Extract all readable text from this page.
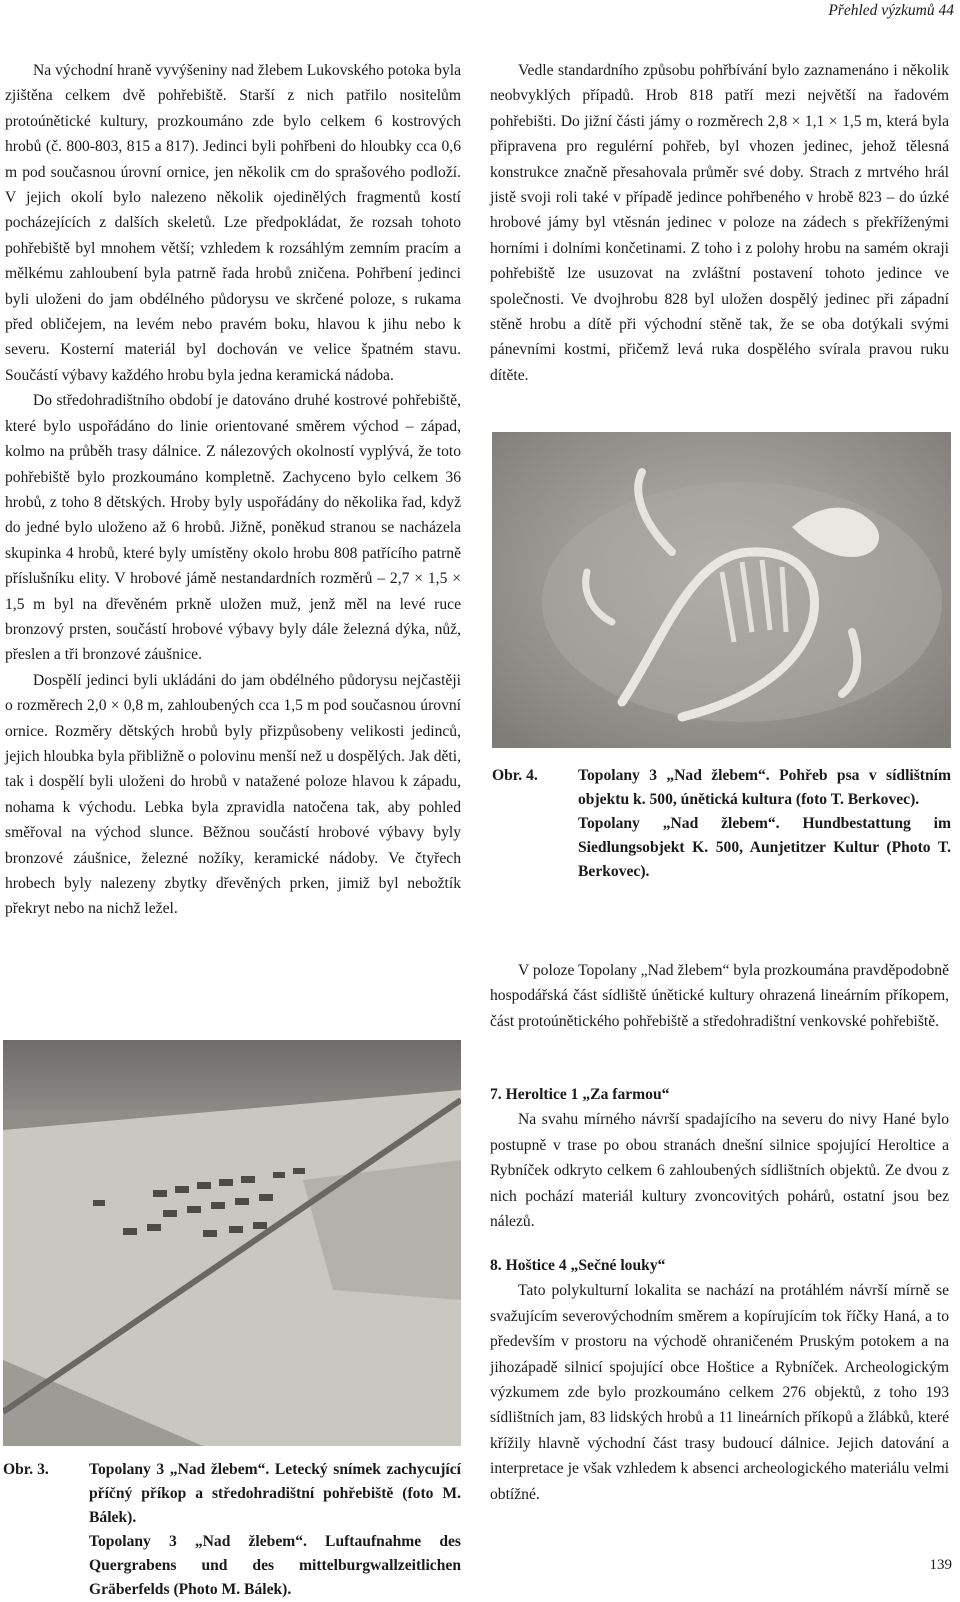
Přehled výzkumů 44

Na východní hraně vyvýšeniny nad žlebem Lukovského potoka byla zjištěna celkem dvě pohřebiště. Starší z nich patřilo nositelům protoúnětické kultury, prozkoumáno zde bylo celkem 6 kostrových hrobů (č. 800-803, 815 a 817). Jedinci byli pohřbeni do hloubky cca 0,6 m pod současnou úrovní ornice, jen několik cm do sprašového podloží. V jejich okolí bylo nalezeno několik ojedinělých fragmentů kostí pocházejících z dalších skeletů. Lze předpokládat, že rozsah tohoto pohřebiště byl mnohem větší; vzhledem k rozsáhlým zemním pracím a mělkému zahloubení byla patrně řada hrobů zničena. Pohřbení jedinci byli uloženi do jam obdélného půdorysu ve skrčené poloze, s rukama před obličejem, na levém nebo pravém boku, hlavou k jihu nebo k severu. Kosterní materiál byl dochován ve velice špatném stavu. Součástí výbavy každého hrobu byla jedna keramická nádoba.

Do středohradištního období je datováno druhé kostrové pohřebiště, které bylo uspořádáno do linie orientované směrem východ – západ, kolmo na průběh trasy dálnice. Z nálezových okolností vyplývá, že toto pohřebiště bylo prozkoumáno kompletně. Zachyceno bylo celkem 36 hrobů, z toho 8 dětských. Hroby byly uspořádány do několika řad, když do jedné bylo uloženo až 6 hrobů. Jižně, poněkud stranou se nacházela skupinka 4 hrobů, které byly umístěny okolo hrobu 808 patřícího patrně příslušníku elity. V hrobové jámě nestandardních rozměrů – 2,7 × 1,5 × 1,5 m byl na dřevěném prkně uložen muž, jenž měl na levé ruce bronzový prsten, součástí hrobové výbavy byly dále železná dýka, nůž, přeslen a tři bronzové záušnice.

Dospělí jedinci byli ukládáni do jam obdélného půdorysu nejčastěji o rozměrech 2,0 × 0,8 m, zahloubených cca 1,5 m pod současnou úrovní ornice. Rozměry dětských hrobů byly přizpůsobeny velikosti jedinců, jejich hloubka byla přibližně o polovinu menší než u dospělých. Jak děti, tak i dospělí byli uloženi do hrobů v natažené poloze hlavou k západu, nohama k východu. Lebka byla zpravidla natočena tak, aby pohled směřoval na východ slunce. Běžnou součástí hrobové výbavy byly bronzové záušnice, železné nožíky, keramické nádoby. Ve čtyřech hrobech byly nalezeny zbytky dřevěných prken, jimiž byl nebožtík překryt nebo na nichž ležel.

Vedle standardního způsobu pohřbívání bylo zaznamenáno i několik neobvyklých případů. Hrob 818 patří mezi největší na řadovém pohřebišti. Do jižní části jámy o rozměrech 2,8 × 1,1 × 1,5 m, která byla připravena pro regulérní pohřeb, byl vhozen jedinec, jehož tělesná konstrukce značně přesahovala průměr své doby. Strach z mrtvého hrál jistě svoji roli také v případě jedince pohřbeného v hrobě 823 – do úzké hrobové jámy byl vtěsnán jedinec v poloze na zádech s překříženými horními i dolními končetinami. Z toho i z polohy hrobu na samém okraji pohřebiště lze usuzovat na zvláštní postavení tohoto jedince ve společnosti. Ve dvojhrobu 828 byl uložen dospělý jedinec při západní stěně hrobu a dítě při východní stěně tak, že se oba dotýkali svými pánevními kostmi, přičemž levá ruka dospělého svírala pravou ruku dítěte.

Obr. 4.	Topolany 3 „Nad žlebem“. Pohřeb psa v sídlištním objektu k. 500, únětická kultura (foto T. Berkovec).
Topolany „Nad žlebem“. Hundbestattung im Siedlungsobjekt K. 500, Aunjetitzer Kultur (Photo T. Berkovec).

V poloze Topolany „Nad žlebem“ byla prozkoumána pravděpodobně hospodářská část sídliště únětické kultury ohrazená lineárním příkopem, část protoúnětického pohřebiště a středohradištní venkovské pohřebiště.

7. Heroltice 1 „Za farmou“

Na svahu mírného návrší spadajícího na severu do nivy Hané bylo postupně v trase po obou stranách dnešní silnice spojující Heroltice a Rybníček odkryto celkem 6 zahloubených sídlištních objektů. Ze dvou z nich pochází materiál kultury zvoncovitých pohárů, ostatní jsou bez nálezů.

8. Hoštice 4 „Sečné louky“

Tato polykulturní lokalita se nachází na protáhlém návrší mírně se svažujícím severovýchodním směrem a kopírujícím tok říčky Haná, a to především v prostoru na východě ohraničeném Pruským potokem a na jihozápadě silnicí spojující obce Hoštice a Rybníček. Archeologickým výzkumem zde bylo prozkoumáno celkem 276 objektů, z toho 193 sídlištních jam, 83 lidských hrobů a 11 lineárních příkopů a žlábků, které křížily hlavně východní část trasy budoucí dálnice. Jejich datování a interpretace je však vzhledem k absenci archeologického materiálu velmi obtížné.

Obr. 3.	Topolany 3 „Nad žlebem“. Letecký snímek zachycující příčný příkop a středohradištní pohřebiště (foto M. Bálek).
Topolany 3 „Nad žlebem“. Luftaufnahme des Quergrabens und des mittelburgwallzeitlichen Gräberfelds (Photo M. Bálek).
139
